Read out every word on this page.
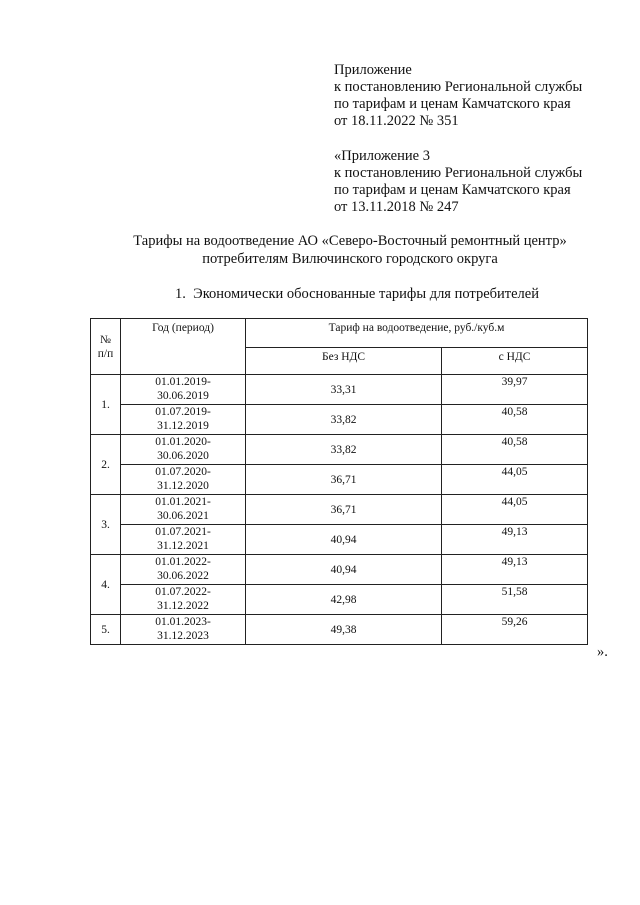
Приложение
к постановлению Региональной службы
по тарифам и ценам Камчатского края
от 18.11.2022 № 351
«Приложение 3
к постановлению Региональной службы
по тарифам и ценам Камчатского края
от 13.11.2018 № 247
Тарифы на водоотведение АО «Северо-Восточный ремонтный центр»
потребителям Вилючинского городского округа
1. Экономически обоснованные тарифы для потребителей
№
п/п	Год (период)	Тариф на водоотведение, руб./куб.м	
		Без НДС	с НДС
1.	01.01.2019-
30.06.2019	33,31	39,97

	01.07.2019-
31.12.2019	33,82	40,58
2.	01.01.2020-
30.06.2020	33,82	40,58

	01.07.2020-
31.12.2020	36,71	44,05
3.	01.01.2021-
30.06.2021	36,71	44,05

	01.07.2021-
31.12.2021	40,94	49,13
4.	01.01.2022-
30.06.2022	40,94	49,13

	01.07.2022-
31.12.2022	42,98	51,58
5.	01.01.2023-
31.12.2023	49,38	59,26
».
